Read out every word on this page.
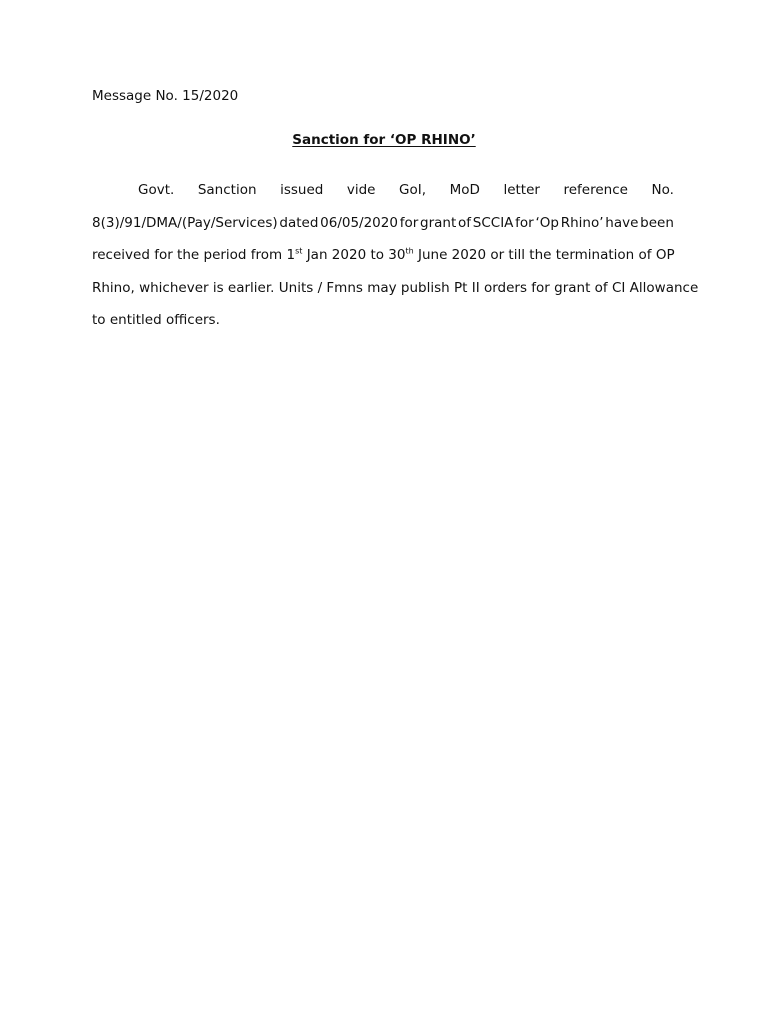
Message No. 15/2020
Sanction for ‘OP RHINO’
Govt. Sanction issued vide GoI, MoD letter reference No.
8(3)/91/DMA/(Pay/Services) dated 06/05/2020 for grant of SCCIA for ‘Op Rhino’ have been
received for the period from 1st Jan 2020 to 30th June 2020 or till the termination of OP
Rhino, whichever is earlier. Units / Fmns may publish Pt II orders for grant of CI Allowance
to entitled officers.
